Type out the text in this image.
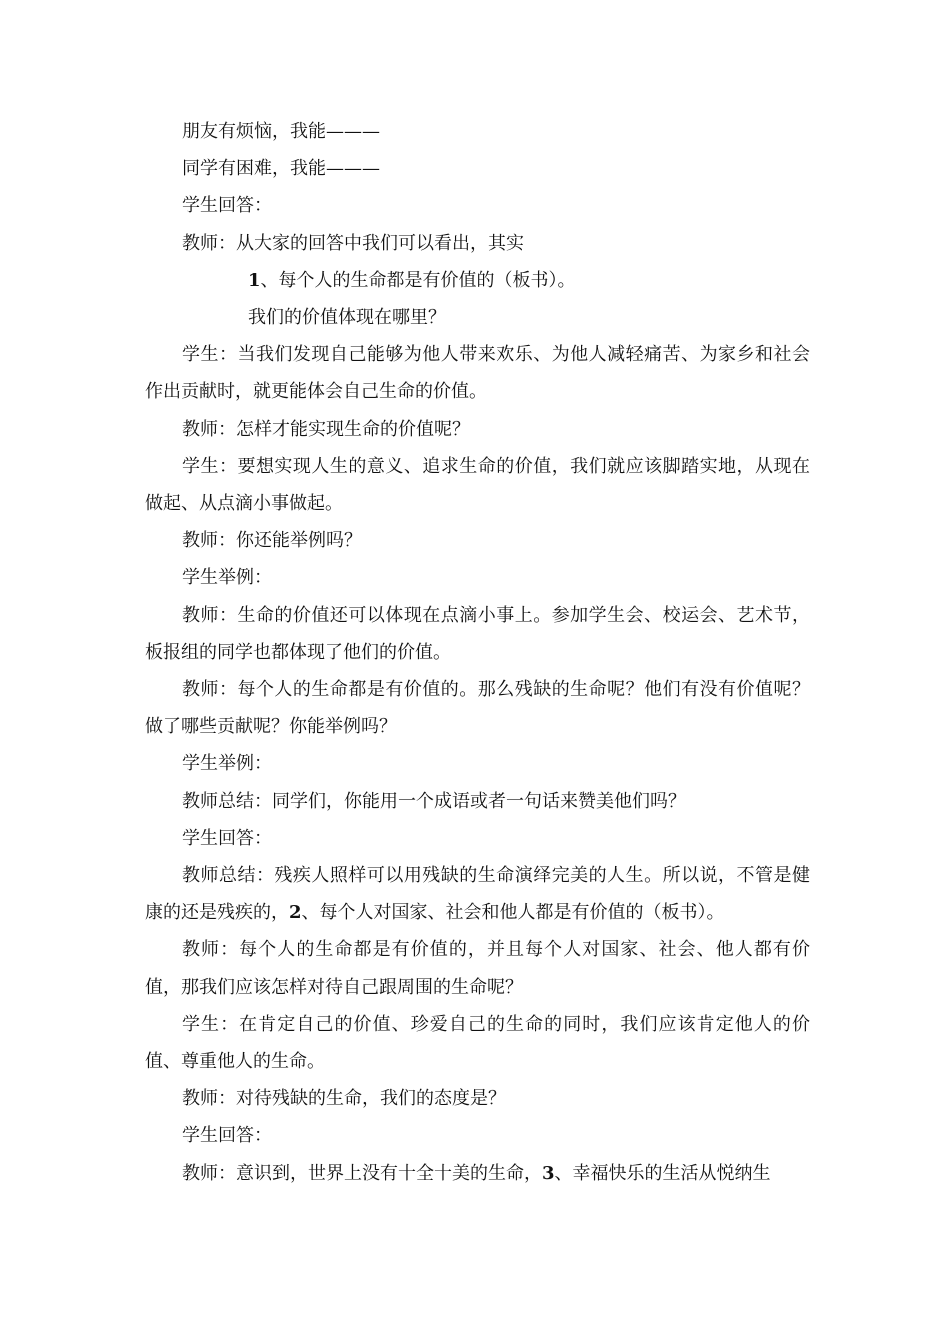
朋友有烦恼，我能———

同学有困难，我能———

学生回答：

教师：从大家的回答中我们可以看出，其实

1、每个人的生命都是有价值的（板书）。

我们的价值体现在哪里？

学生：当我们发现自己能够为他人带来欢乐、为他人减轻痛苦、为家乡和社会作出贡献时，就更能体会自己生命的价值。

教师：怎样才能实现生命的价值呢？

学生：要想实现人生的意义、追求生命的价值，我们就应该脚踏实地，从现在做起、从点滴小事做起。

教师：你还能举例吗？

学生举例：

教师：生命的价值还可以体现在点滴小事上。参加学生会、校运会、艺术节，板报组的同学也都体现了他们的价值。

教师：每个人的生命都是有价值的。那么残缺的生命呢？他们有没有价值呢？做了哪些贡献呢？你能举例吗？

学生举例：

教师总结：同学们，你能用一个成语或者一句话来赞美他们吗？

学生回答：

教师总结：残疾人照样可以用残缺的生命演绎完美的人生。所以说，不管是健康的还是残疾的，2、每个人对国家、社会和他人都是有价值的（板书）。

教师：每个人的生命都是有价值的，并且每个人对国家、社会、他人都有价值，那我们应该怎样对待自己跟周围的生命呢？

学生：在肯定自己的价值、珍爱自己的生命的同时，我们应该肯定他人的价值、尊重他人的生命。

教师：对待残缺的生命，我们的态度是？

学生回答：

教师：意识到，世界上没有十全十美的生命，3、幸福快乐的生活从悦纳生
